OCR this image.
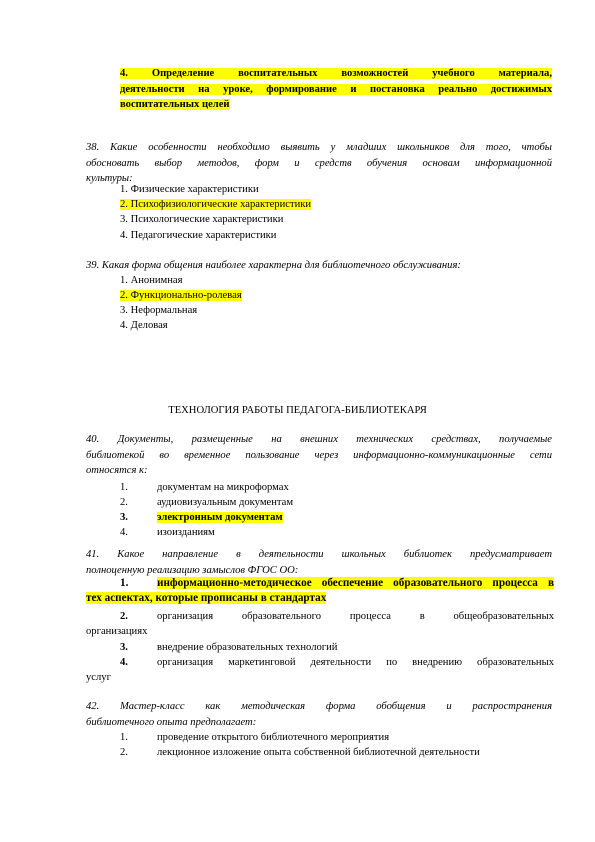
4. Определение воспитательных возможностей учебного материала,
деятельности на уроке, формирование и постановка реально достижимых
воспитательных целей
38. Какие особенности необходимо выявить у младших школьников для того, чтобы
обосновать выбор методов, форм и средств обучения основам информационной
культуры:
1. Физические характеристики
2. Психофизиологические характеристики
3. Психологические характеристики
4. Педагогические характеристики
39. Какая форма общения наиболее характерна для библиотечного обслуживания:
1. Анонимная
2. Функционально-ролевая
3. Неформальная
4. Деловая
ТЕХНОЛОГИЯ РАБОТЫ ПЕДАГОГА-БИБЛИОТЕКАРЯ
40. Документы, размещенные на внешних технических средствах, получаемые
библиотекой во временное пользование через информационно-коммуникационные сети
относятся к:
1.	документам на микроформах
2.	аудиовизуальным документам
3.	электронным документам
4.	изоизданиям
41. Какое направление в деятельности школьных библиотек предусматривает
полноценную реализацию замыслов ФГОС ОО:
1.	информационно-методическое обеспечение образовательного процесса в
тех аспектах, которые прописаны в стандартах
2.	организация образовательного процесса в общеобразовательных
организациях
3.	внедрение образовательных технологий
4.	организация маркетинговой деятельности по внедрению образовательных
услуг
42. Мастер-класс как методическая форма обобщения и распространения
библиотечного опыта предполагает:
1.	проведение открытого библиотечного мероприятия
2.	лекционное изложение опыта собственной библиотечной деятельности
